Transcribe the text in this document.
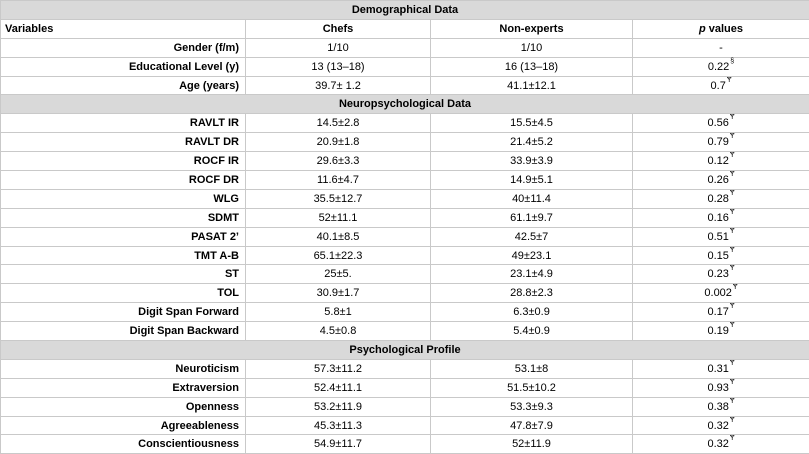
Demographical Data			
Variables	Chefs	Non-experts	p values
Gender (f/m)	1/10	1/10	-
Educational Level (y)	13 (13–18)	16 (13–18)	0.22§
Age (years)	39.7± 1.2	41.1±12.1	$0.7^Ɏ$
Neuropsychological Data			
RAVLT IR	14.5±2.8	15.5±4.5	$0.56^Ɏ$
RAVLT DR	20.9±1.8	21.4±5.2	$0.79^Ɏ$
ROCF IR	29.6±3.3	33.9±3.9	$0.12^Ɏ$
ROCF DR	11.6±4.7	14.9±5.1	$0.26^Ɏ$
WLG	35.5±12.7	40±11.4	$0.28^Ɏ$
SDMT	52±11.1	61.1±9.7	$0.16^Ɏ$
PASAT 2’	40.1±8.5	42.5±7	$0.51^Ɏ$
TMT A-B	65.1±22.3	49±23.1	$0.15^Ɏ$
ST	25±5.	23.1±4.9	$0.23^Ɏ$
TOL	30.9±1.7	28.8±2.3	$0.002^Ɏ$
Digit Span Forward	5.8±1	6.3±0.9	$0.17^Ɏ$
Digit Span Backward	4.5±0.8	5.4±0.9	$0.19^Ɏ$
Psychological Profile			
Neuroticism	57.3±11.2	53.1±8	$0.31^Ɏ$
Extraversion	52.4±11.1	51.5±10.2	$0.93^Ɏ$
Openness	53.2±11.9	53.3±9.3	$0.38^Ɏ$
Agreeableness	45.3±11.3	47.8±7.9	$0.32^Ɏ$
Conscientiousness	54.9±11.7	52±11.9	$0.32^Ɏ$
